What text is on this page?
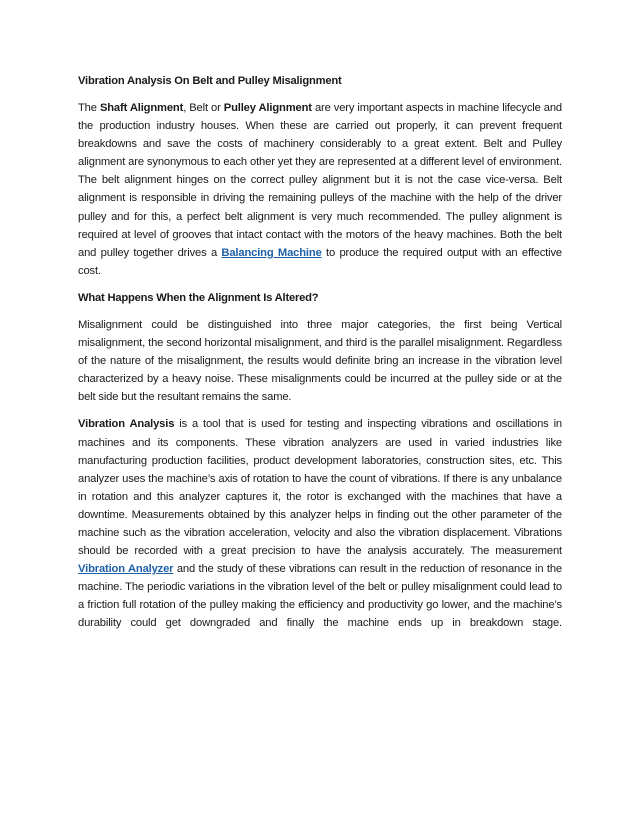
Vibration Analysis On Belt and Pulley Misalignment

The Shaft Alignment, Belt or Pulley Alignment are very important aspects in machine lifecycle and the production industry houses. When these are carried out properly, it can prevent frequent breakdowns and save the costs of machinery considerably to a great extent. Belt and Pulley alignment are synonymous to each other yet they are represented at a different level of environment. The belt alignment hinges on the correct pulley alignment but it is not the case vice-versa. Belt alignment is responsible in driving the remaining pulleys of the machine with the help of the driver pulley and for this, a perfect belt alignment is very much recommended. The pulley alignment is required at level of grooves that intact contact with the motors of the heavy machines. Both the belt and pulley together drives a Balancing Machine to produce the required output with an effective cost.

What Happens When the Alignment Is Altered?

Misalignment could be distinguished into three major categories, the first being Vertical misalignment, the second horizontal misalignment, and third is the parallel misalignment. Regardless of the nature of the misalignment, the results would definite bring an increase in the vibration level characterized by a heavy noise. These misalignments could be incurred at the pulley side or at the belt side but the resultant remains the same.

Vibration Analysis is a tool that is used for testing and inspecting vibrations and oscillations in machines and its components. These vibration analyzers are used in varied industries like manufacturing production facilities, product development laboratories, construction sites, etc. This analyzer uses the machine’s axis of rotation to have the count of vibrations. If there is any unbalance in rotation and this analyzer captures it, the rotor is exchanged with the machines that have a downtime. Measurements obtained by this analyzer helps in finding out the other parameter of the machine such as the vibration acceleration, velocity and also the vibration displacement. Vibrations should be recorded with a great precision to have the analysis accurately. The measurement Vibration Analyzer and the study of these vibrations can result in the reduction of resonance in the machine. The periodic variations in the vibration level of the belt or pulley misalignment could lead to a friction full rotation of the pulley making the efficiency and productivity go lower, and the machine’s durability could get downgraded and finally the machine ends up in breakdown stage.
